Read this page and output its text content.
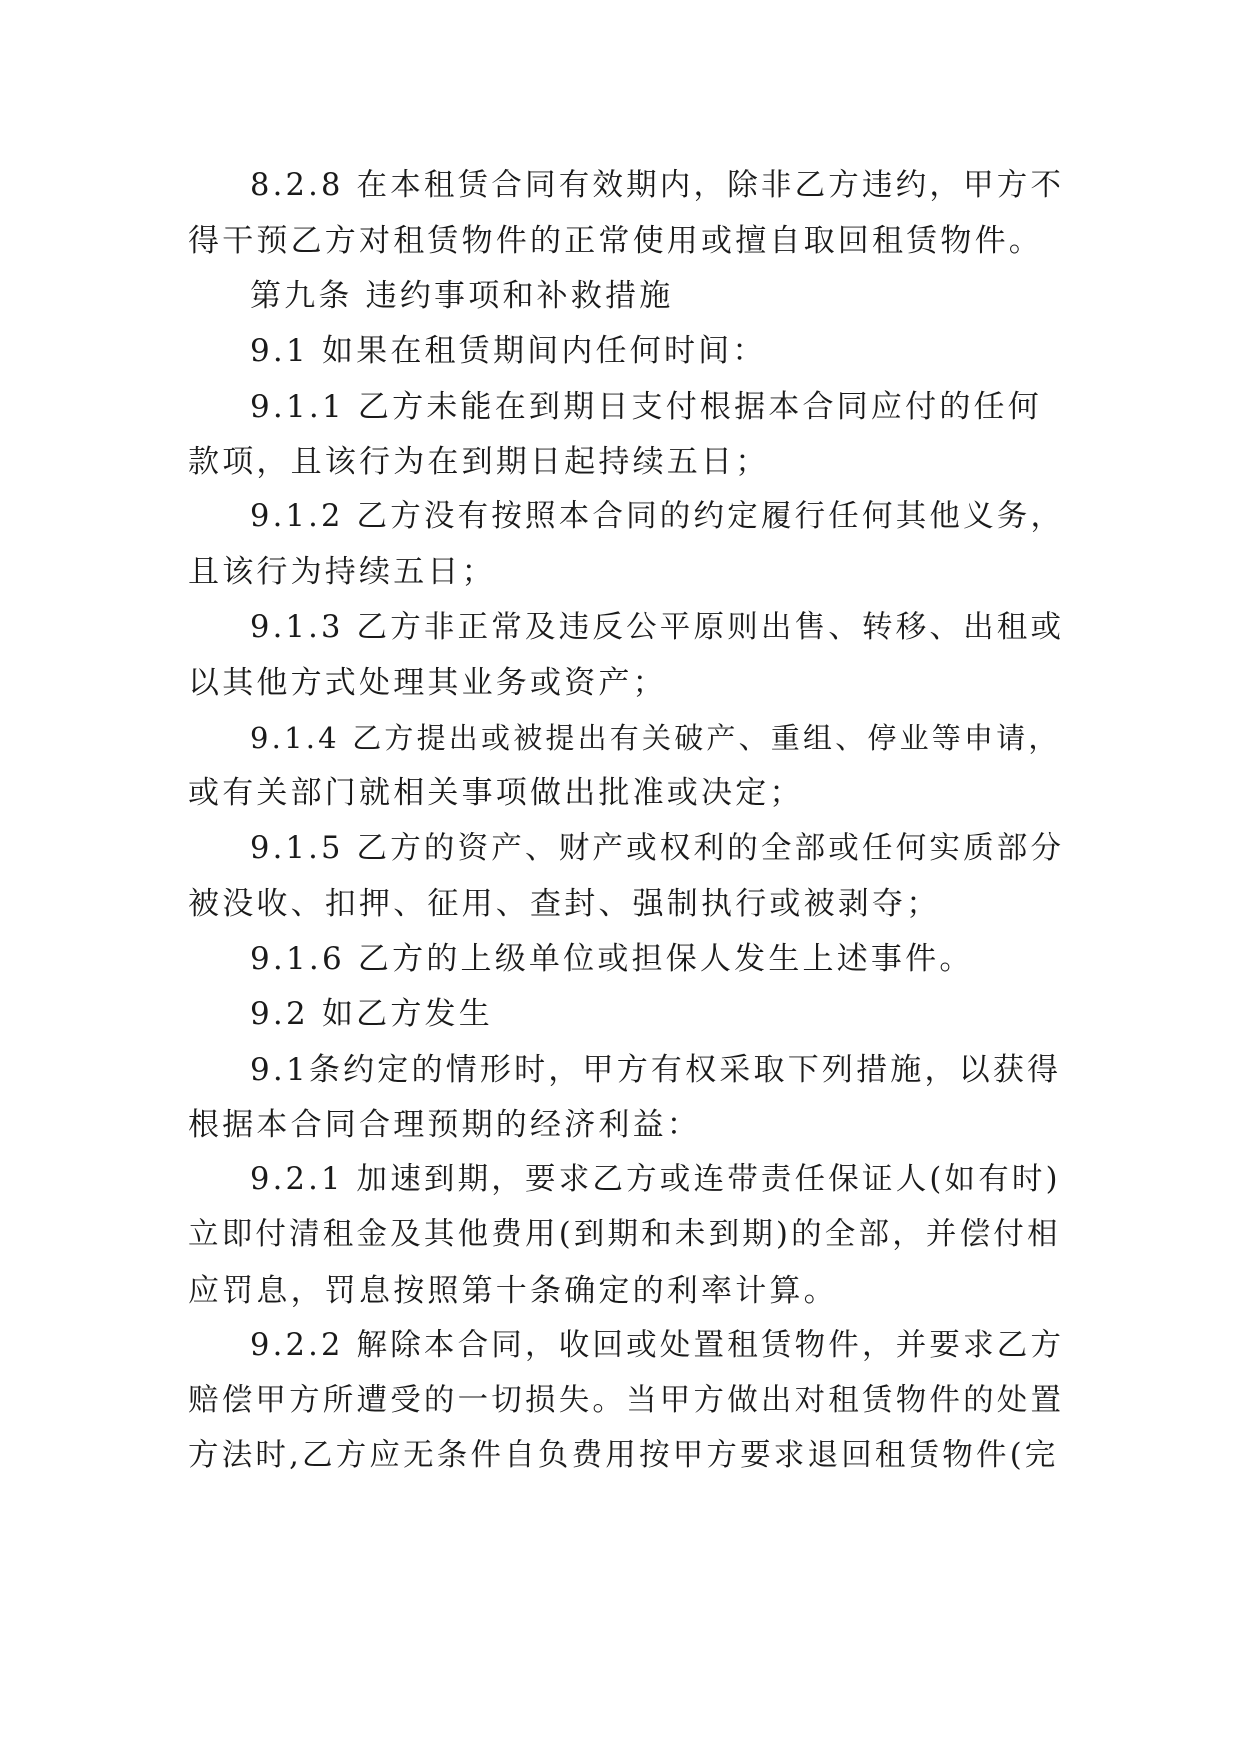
8.2.8 在本租赁合同有效期内，除非乙方违约，甲方不
得干预乙方对租赁物件的正常使用或擅自取回租赁物件。
第九条 违约事项和补救措施
9.1 如果在租赁期间内任何时间：
9.1.1 乙方未能在到期日支付根据本合同应付的任何
款项，且该行为在到期日起持续五日；
9.1.2 乙方没有按照本合同的约定履行任何其他义务，
且该行为持续五日；
9.1.3 乙方非正常及违反公平原则出售、转移、出租或
以其他方式处理其业务或资产；
9.1.4 乙方提出或被提出有关破产、重组、停业等申请，
或有关部门就相关事项做出批准或决定；
9.1.5 乙方的资产、财产或权利的全部或任何实质部分
被没收、扣押、征用、查封、强制执行或被剥夺；
9.1.6 乙方的上级单位或担保人发生上述事件。
9.2 如乙方发生
9.1条约定的情形时，甲方有权采取下列措施，以获得
根据本合同合理预期的经济利益：
9.2.1 加速到期，要求乙方或连带责任保证人(如有时)
立即付清租金及其他费用(到期和未到期)的全部，并偿付相
应罚息，罚息按照第十条确定的利率计算。
9.2.2 解除本合同，收回或处置租赁物件，并要求乙方
赔偿甲方所遭受的一切损失。当甲方做出对租赁物件的处置
方法时,乙方应无条件自负费用按甲方要求退回租赁物件(完
